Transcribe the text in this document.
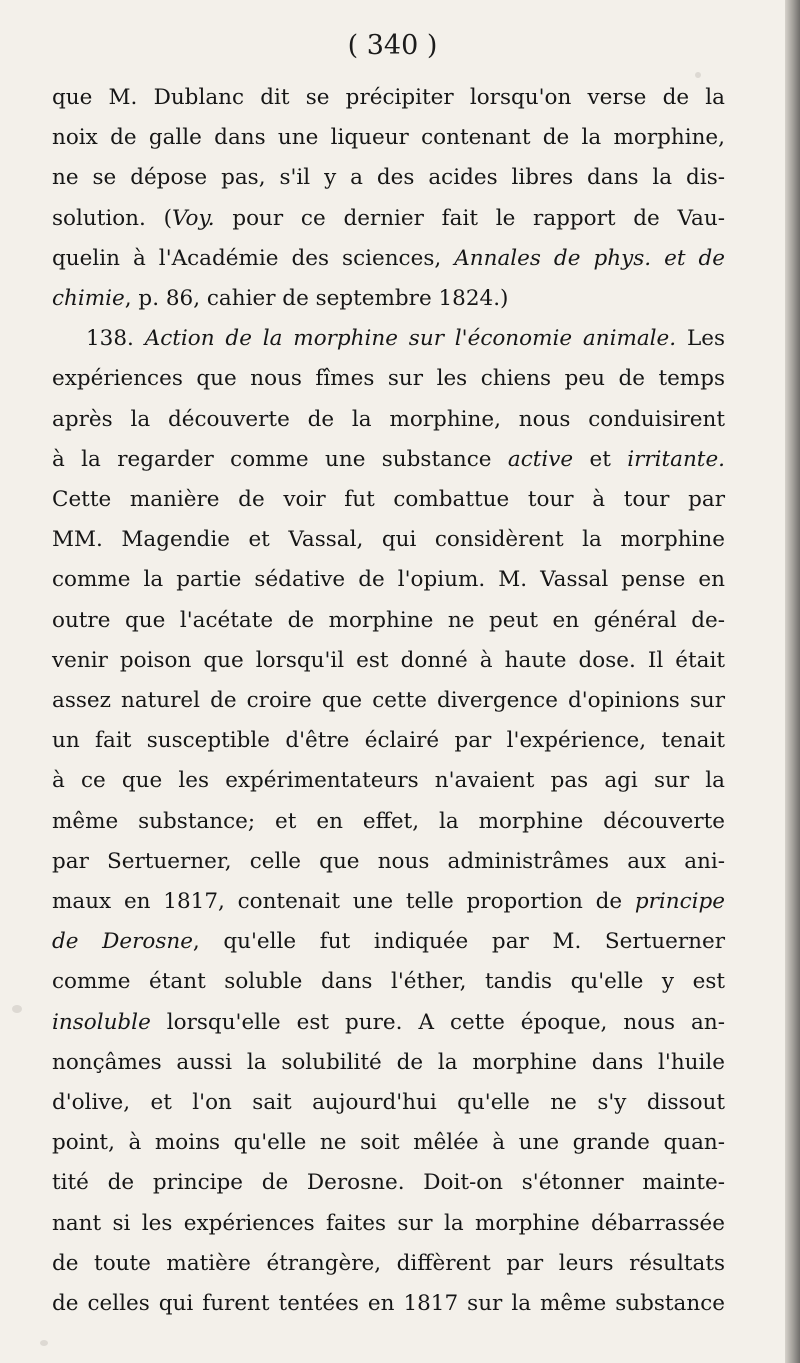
( 340 )
que M. Dublanc dit se précipiter lorsqu'on verse de la
noix de galle dans une liqueur contenant de la morphine,
ne se dépose pas, s'il y a des acides libres dans la dis-
solution. (Voy. pour ce dernier fait le rapport de Vau-
quelin à l'Académie des sciences, Annales de phys. et de
chimie, p. 86, cahier de septembre 1824.)
138. Action de la morphine sur l'économie animale. Les
expériences que nous fîmes sur les chiens peu de temps
après la découverte de la morphine, nous conduisirent
à la regarder comme une substance active et irritante.
Cette manière de voir fut combattue tour à tour par
MM. Magendie et Vassal, qui considèrent la morphine
comme la partie sédative de l'opium. M. Vassal pense en
outre que l'acétate de morphine ne peut en général de-
venir poison que lorsqu'il est donné à haute dose. Il était
assez naturel de croire que cette divergence d'opinions sur
un fait susceptible d'être éclairé par l'expérience, tenait
à ce que les expérimentateurs n'avaient pas agi sur la
même substance; et en effet, la morphine découverte
par Sertuerner, celle que nous administrâmes aux ani-
maux en 1817, contenait une telle proportion de principe
de Derosne, qu'elle fut indiquée par M. Sertuerner
comme étant soluble dans l'éther, tandis qu'elle y est
insoluble lorsqu'elle est pure. A cette époque, nous an-
nonçâmes aussi la solubilité de la morphine dans l'huile
d'olive, et l'on sait aujourd'hui qu'elle ne s'y dissout
point, à moins qu'elle ne soit mêlée à une grande quan-
tité de principe de Derosne. Doit-on s'étonner mainte-
nant si les expériences faites sur la morphine débarrassée
de toute matière étrangère, diffèrent par leurs résultats
de celles qui furent tentées en 1817 sur la même substance
